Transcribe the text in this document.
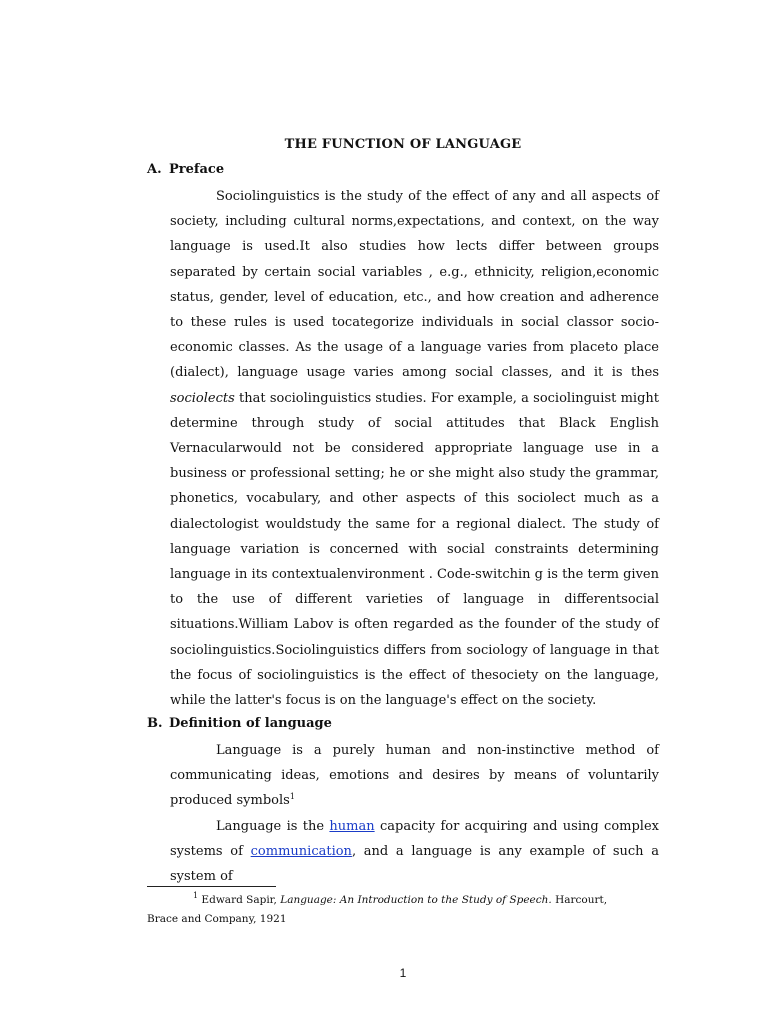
THE FUNCTION OF LANGUAGE
A. Preface
Sociolinguistics is the study of the effect of any and all aspects of society, including cultural norms,expectations, and context, on the way language is used.It also studies how lects differ between groups separated by certain social variables , e.g., ethnicity, religion,economic status, gender, level of education, etc., and how creation and adherence to these rules is used tocategorize individuals in social classor socio-economic classes. As the usage of a language varies from placeto place (dialect), language usage varies among social classes, and it is thes sociolects that sociolinguistics studies. For example, a sociolinguist might determine through study of social attitudes that Black English Vernacularwould not be considered appropriate language use in a business or professional setting; he or she might also study the grammar, phonetics, vocabulary, and other aspects of this sociolect much as a dialectologist wouldstudy the same for a regional dialect. The study of language variation is concerned with social constraints determining language in its contextualenvironment . Code-switchin g is the term given to the use of different varieties of language in differentsocial situations.William Labov is often regarded as the founder of the study of sociolinguistics.Sociolinguistics differs from sociology of language in that the focus of sociolinguistics is the effect of thesociety on the language, while the latter's focus is on the language's effect on the society.
B. Definition of language
Language is a purely human and non-instinctive method of communicating ideas, emotions and desires by means of voluntarily produced symbols$^1$
Language is the human capacity for acquiring and using complex systems of communication, and a language is any example of such a system of
$^1$ Edward Sapir, Language: An Introduction to the Study of Speech. Harcourt, Brace and Company, 1921
1
